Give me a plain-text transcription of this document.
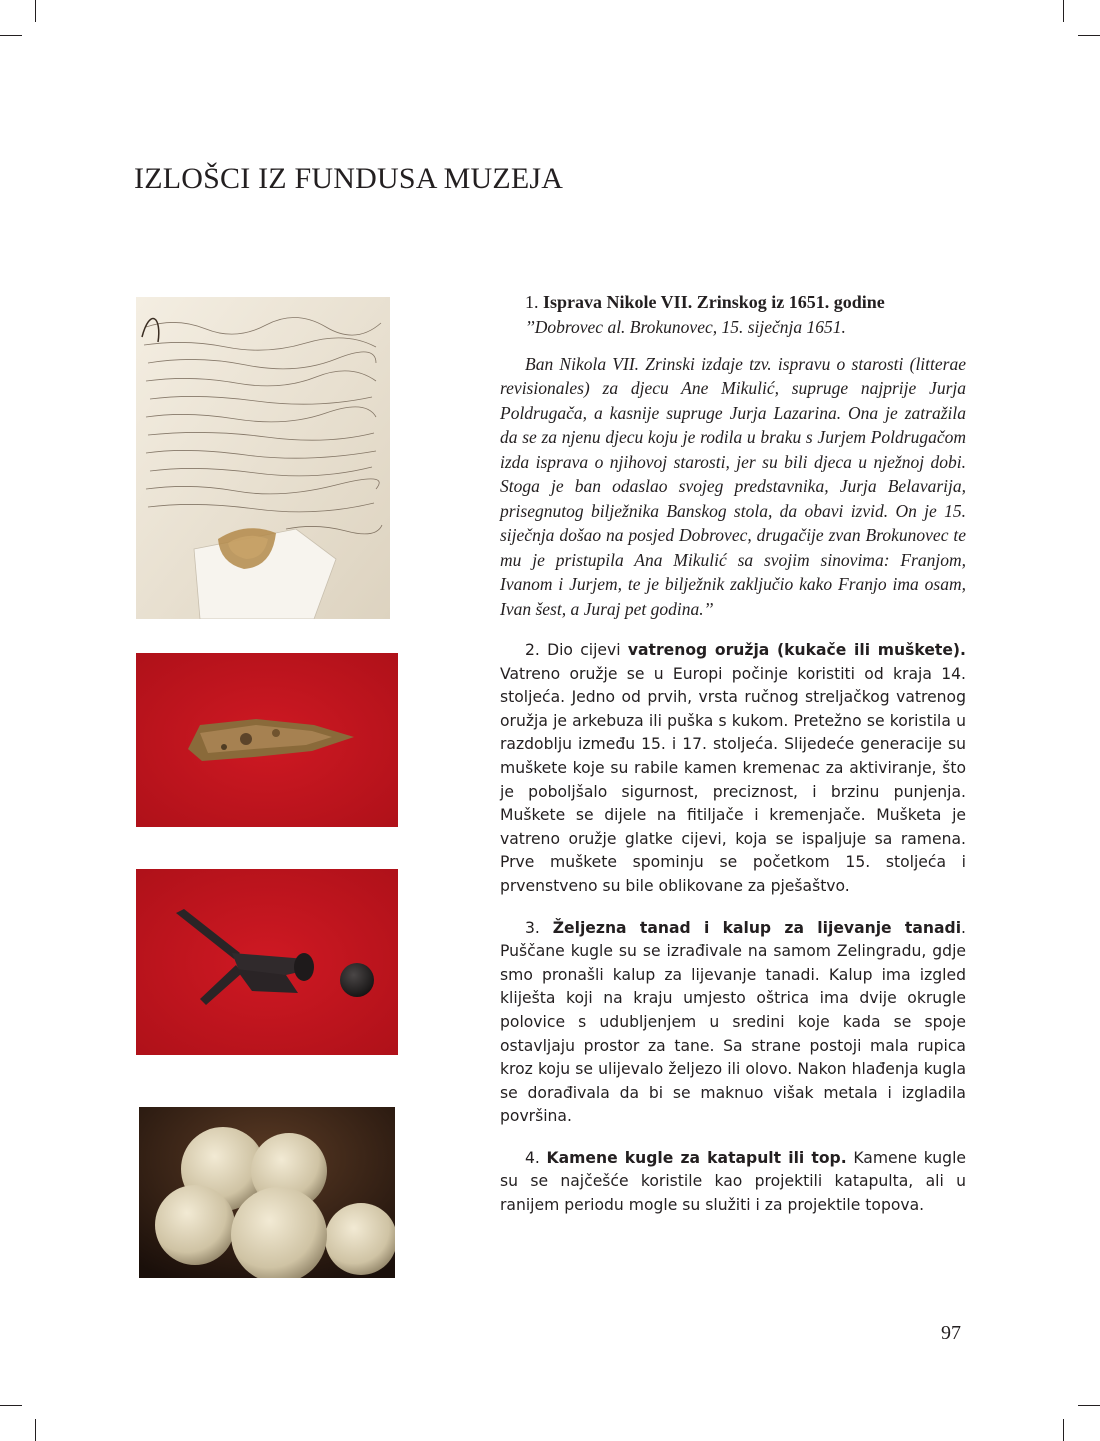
IZLOŠCI IZ FUNDUSA MUZEJA

1. Isprava Nikole VII. Zrinskog iz 1651. godine

’’Dobrovec al. Brokunovec, 15. siječnja 1651.

Ban Nikola VII. Zrinski izdaje tzv. ispravu o starosti (litterae revisionales) za djecu Ane Mikulić, supruge najprije Jurja Poldrugača, a kasnije supruge Jurja Lazarina. Ona je zatražila da se za njenu djecu koju je rodila u braku s Jurjem Poldrugačom izda isprava o njihovoj starosti, jer su bili djeca u nježnoj dobi. Stoga je ban odaslao svojeg predstavnika, Jurja Belavarija, prisegnutog bilježnika Banskog stola, da obavi izvid. On je 15. siječnja došao na posjed Dobrovec, drugačije zvan Brokunovec te mu je pristupila Ana Mikulić sa svojim sinovima: Franjom, Ivanom i Jurjem, te je bilježnik zaključio kako Franjo ima osam, Ivan šest, a Juraj pet godina.’’

2. Dio cijevi vatrenog oružja (kukače ili muškete). Vatreno oružje se u Europi počinje koristiti od kraja 14. stoljeća. Jedno od prvih, vrsta ručnog streljačkog vatrenog oružja je arkebuza ili puška s kukom. Pretežno se koristila u razdoblju između 15. i 17. stoljeća. Slijedeće generacije su muškete koje su rabile kamen kremenac za aktiviranje, što je poboljšalo sigurnost, preciznost, i brzinu punjenja. Muškete se dijele na fitiljače i kremenjače. Mušketa je vatreno oružje glatke cijevi, koja se ispaljuje sa ramena. Prve muškete spominju se početkom 15. stoljeća i prvenstveno su bile oblikovane za pješaštvo.

3. Željezna tanad i kalup za lijevanje tanadi. Puščane kugle su se izrađivale na samom Zelingradu, gdje smo pronašli kalup za lijevanje tanadi. Kalup ima izgled kliješta koji na kraju umjesto oštrica ima dvije okrugle polovice s udubljenjem u sredini koje kada se spoje ostavljaju prostor za tane. Sa strane postoji mala rupica kroz koju se ulijevalo željezo ili olovo. Nakon hlađenja kugla se dorađivala da bi se maknuo višak metala i izgladila površina.

4. Kamene kugle za katapult ili top. Kamene kugle su se najčešće koristile kao projektili katapulta, ali u ranijem periodu mogle su služiti i za projektile topova.

97
